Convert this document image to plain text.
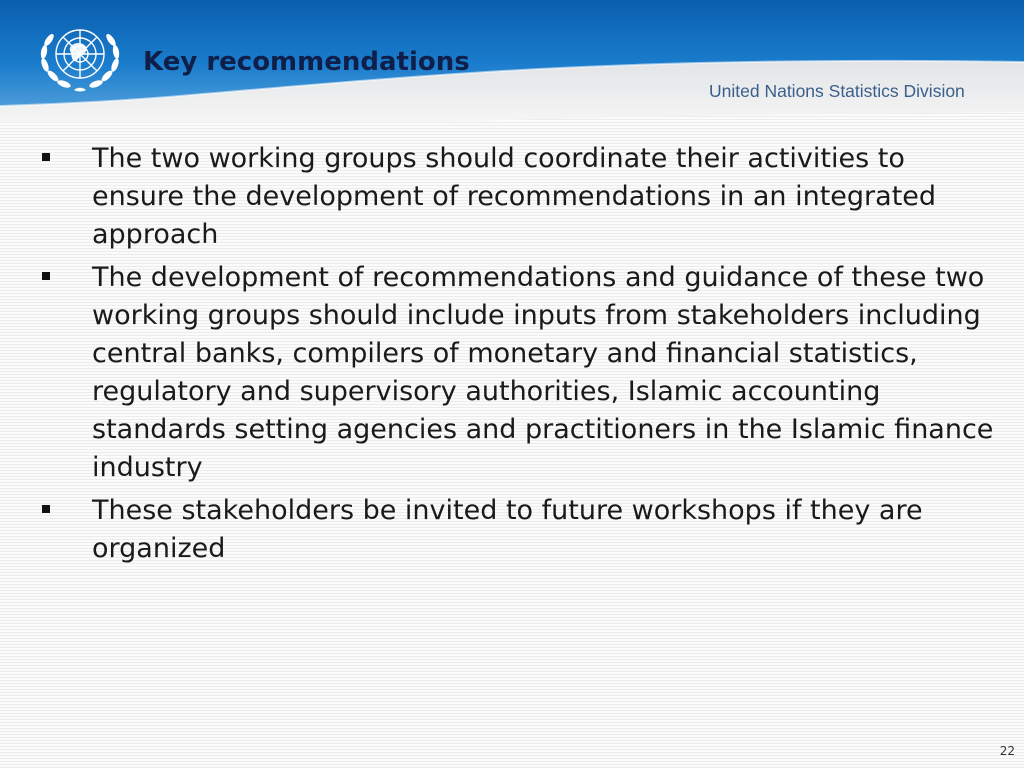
Key recommendations
United Nations Statistics Division
The two working groups should coordinate their activities to ensure the development of recommendations in an integrated approach
The development of recommendations and guidance of these two working groups should include inputs from stakeholders including central banks, compilers of monetary and financial statistics, regulatory and supervisory authorities, Islamic accounting standards setting agencies and practitioners in the Islamic finance industry
These stakeholders be invited to future workshops if they are organized
22
